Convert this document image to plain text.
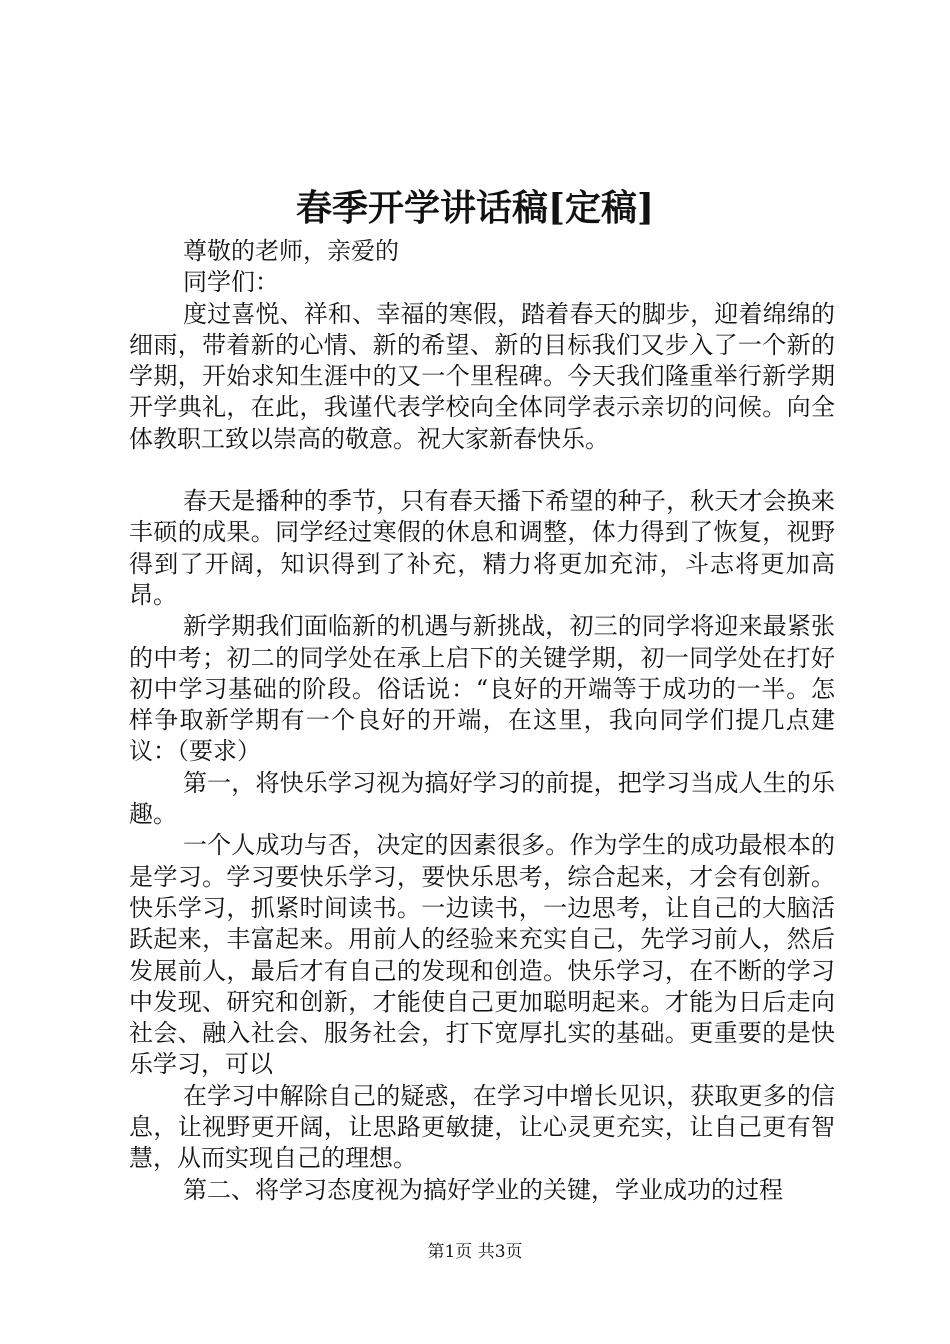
春季开学讲话稿[定稿]

尊敬的老师，亲爱的

同学们：

度过喜悦、祥和、幸福的寒假，踏着春天的脚步，迎着绵绵的细雨，带着新的心情、新的希望、新的目标我们又步入了一个新的学期，开始求知生涯中的又一个里程碑。今天我们隆重举行新学期开学典礼，在此，我谨代表学校向全体同学表示亲切的问候。向全体教职工致以崇高的敬意。祝大家新春快乐。

春天是播种的季节，只有春天播下希望的种子，秋天才会换来丰硕的成果。同学经过寒假的休息和调整，体力得到了恢复，视野得到了开阔，知识得到了补充，精力将更加充沛，斗志将更加高昂。

新学期我们面临新的机遇与新挑战，初三的同学将迎来最紧张的中考；初二的同学处在承上启下的关键学期，初一同学处在打好初中学习基础的阶段。俗话说：“良好的开端等于成功的一半。怎样争取新学期有一个良好的开端，在这里，我向同学们提几点建议：（要求）

第一，将快乐学习视为搞好学习的前提，把学习当成人生的乐趣。

一个人成功与否，决定的因素很多。作为学生的成功最根本的是学习。学习要快乐学习，要快乐思考，综合起来，才会有创新。快乐学习，抓紧时间读书。一边读书，一边思考，让自己的大脑活跃起来，丰富起来。用前人的经验来充实自己，先学习前人，然后发展前人，最后才有自己的发现和创造。快乐学习，在不断的学习中发现、研究和创新，才能使自己更加聪明起来。才能为日后走向社会、融入社会、服务社会，打下宽厚扎实的基础。更重要的是快乐学习，可以

在学习中解除自己的疑惑，在学习中增长见识，获取更多的信息，让视野更开阔，让思路更敏捷，让心灵更充实，让自己更有智慧，从而实现自己的理想。

第二、将学习态度视为搞好学业的关键，学业成功的过程

第1页 共3页
